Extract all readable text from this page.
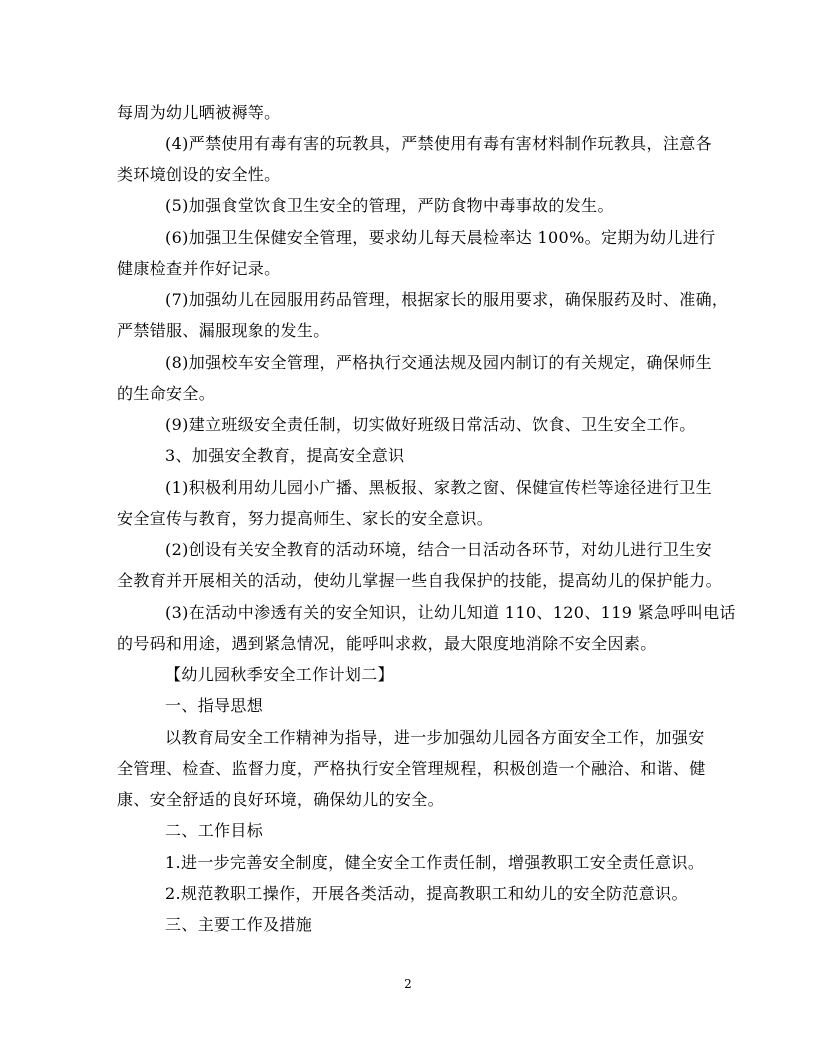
每周为幼儿晒被褥等。
(4)严禁使用有毒有害的玩教具，严禁使用有毒有害材料制作玩教具，注意各
类环境创设的安全性。
(5)加强食堂饮食卫生安全的管理，严防食物中毒事故的发生。
(6)加强卫生保健安全管理，要求幼儿每天晨检率达 100%。定期为幼儿进行
健康检查并作好记录。
(7)加强幼儿在园服用药品管理，根据家长的服用要求，确保服药及时、准确，
严禁错服、漏服现象的发生。
(8)加强校车安全管理，严格执行交通法规及园内制订的有关规定，确保师生
的生命安全。
(9)建立班级安全责任制，切实做好班级日常活动、饮食、卫生安全工作。
3、加强安全教育，提高安全意识
(1)积极利用幼儿园小广播、黑板报、家教之窗、保健宣传栏等途径进行卫生
安全宣传与教育，努力提高师生、家长的安全意识。
(2)创设有关安全教育的活动环境，结合一日活动各环节，对幼儿进行卫生安
全教育并开展相关的活动，使幼儿掌握一些自我保护的技能，提高幼儿的保护能力。
(3)在活动中渗透有关的安全知识，让幼儿知道 110、120、119 紧急呼叫电话
的号码和用途，遇到紧急情况，能呼叫求救，最大限度地消除不安全因素。
【幼儿园秋季安全工作计划二】
一、指导思想
以教育局安全工作精神为指导，进一步加强幼儿园各方面安全工作，加强安
全管理、检查、监督力度，严格执行安全管理规程，积极创造一个融洽、和谐、健
康、安全舒适的良好环境，确保幼儿的安全。
二、工作目标
1.进一步完善安全制度，健全安全工作责任制，增强教职工安全责任意识。
2.规范教职工操作，开展各类活动，提高教职工和幼儿的安全防范意识。
三、主要工作及措施
2
